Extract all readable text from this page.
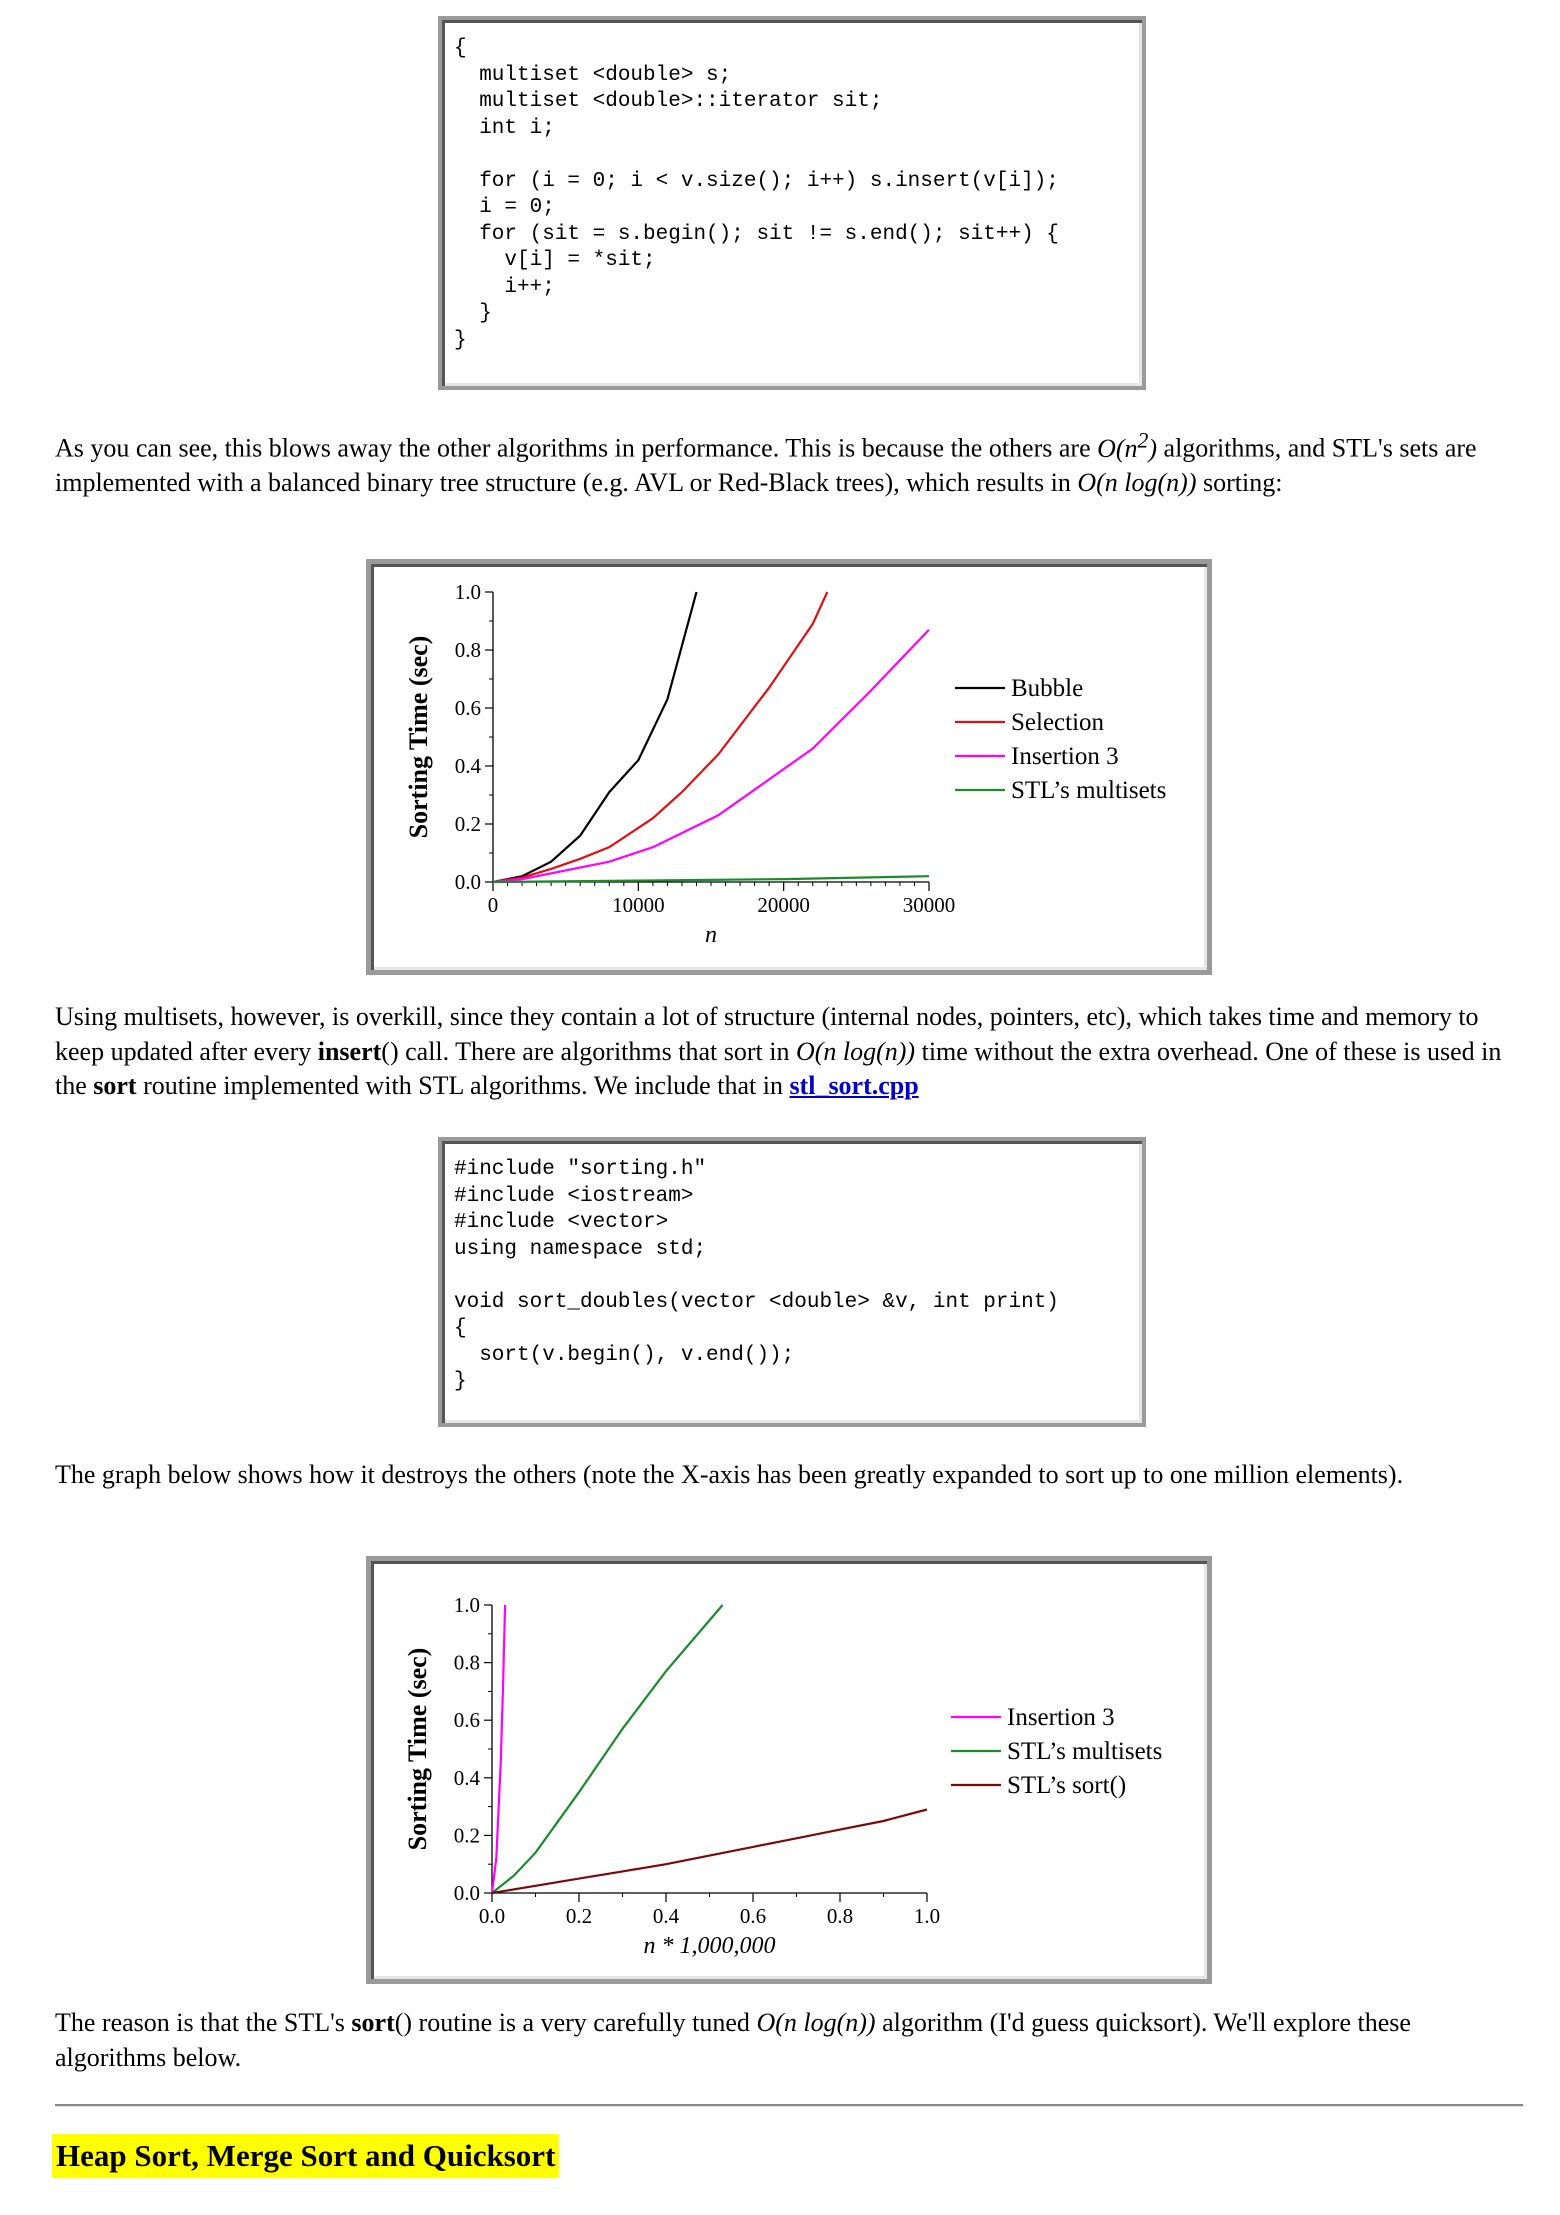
{
multiset <double> s;
multiset <double>::iterator sit;
int i;

for (i = 0; i < v.size(); i++) s.insert(v[i]);
i = 0;
for (sit = s.begin(); sit != s.end(); sit++) {
v[i] = *sit;
i++;
}
}
As you can see, this blows away the other algorithms in performance. This is because the others are $O(n^2)$ algorithms, and STL's sets are implemented with a balanced binary tree structure (e.g. AVL or Red-Black trees), which results in O(n log(n)) sorting:
0.0
0.2
0.4
0.6
0.8
1.0
0	10000	20000	30000
n
Sorting Time (sec)	Bubble
Selection
Insertion 3
STL’s multisets
Using multisets, however, is overkill, since they contain a lot of structure (internal nodes, pointers, etc), which takes time and memory to keep updated after every insert() call. There are algorithms that sort in O(n log(n)) time without the extra overhead. One of these is used in the sort routine implemented with STL algorithms. We include that in stl_sort.cpp
#include "sorting.h"
#include <iostream>
#include <vector>
using namespace std;

void sort_doubles(vector <double> &v, int print)
{
sort(v.begin(), v.end());
}
The graph below shows how it destroys the others (note the X-axis has been greatly expanded to sort up to one million elements).
0.0
0.2
0.4
0.6
0.8
1.0
0.0	0.2	0.4	0.6	0.8	1.0
n * 1,000,000
Sorting Time (sec)	Insertion 3
STL’s multisets
STL’s sort()
The reason is that the STL's sort() routine is a very carefully tuned O(n log(n)) algorithm (I'd guess quicksort). We'll explore these algorithms below.
Heap Sort, Merge Sort and Quicksort
